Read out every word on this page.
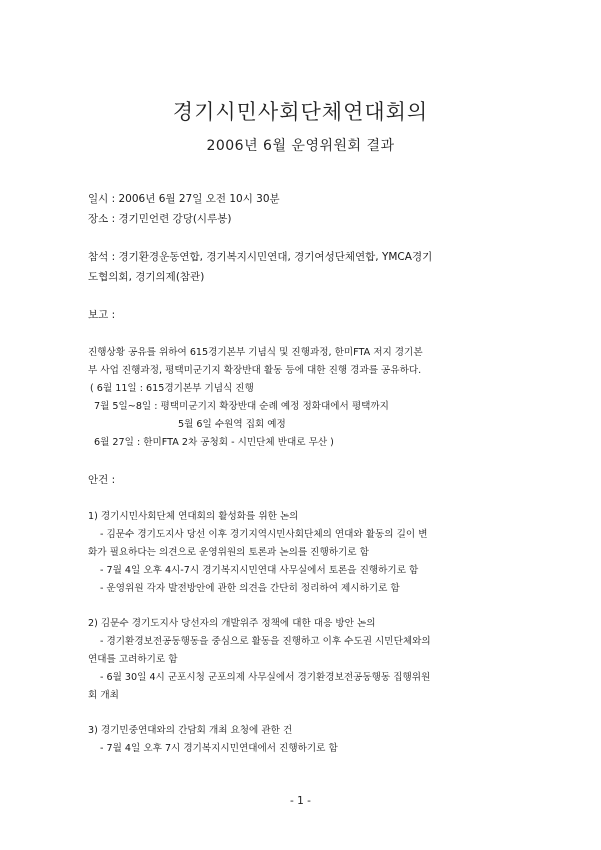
경기시민사회단체연대회의
2006년 6월 운영위원회 결과
일시 : 2006년 6월 27일 오전 10시 30분
장소 : 경기민언련 강당(시루봉)
참석 : 경기환경운동연합, 경기복지시민연대, 경기여성단체연합, YMCA경기
도협의회, 경기의제(참관)
보고 :
진행상황 공유를 위하여 615경기본부 기념식 및 진행과정, 한미FTA 저지 경기본
부 사업 진행과정, 평택미군기지 확장반대 활동 등에 대한 진행 경과를 공유하다.
( 6월 11일 : 615경기본부 기념식 진행
7월 5일~8일 : 평택미군기지 확장반대 순례 예정 정화대에서 평택까지
5월 6일 수원역 집회 예정
6월 27일 : 한미FTA 2차 공청회 - 시민단체 반대로 무산 )
안건 :
1) 경기시민사회단체 연대회의 활성화를 위한 논의
- 김문수 경기도지사 당선 이후 경기지역시민사회단체의 연대와 활동의 길이 변
화가 필요하다는 의견으로 운영위원의 토론과 논의를 진행하기로 함
- 7월 4일 오후 4시-7시 경기복지시민연대 사무실에서 토론을 진행하기로 함
- 운영위원 각자 발전방안에 관한 의견을 간단히 정리하여 제시하기로 함
2) 김문수 경기도지사 당선자의 개발위주 정책에 대한 대응 방안 논의
- 경기환경보전공동행동을 중심으로 활동을 진행하고 이후 수도권 시민단체와의
연대를 고려하기로 함
- 6월 30일 4시 군포시청 군포의제 사무실에서 경기환경보전공동행동 집행위원
회 개최
3) 경기민중연대와의 간담회 개최 요청에 관한 건
- 7월 4일 오후 7시 경기복지시민연대에서 진행하기로 함
- 1 -
